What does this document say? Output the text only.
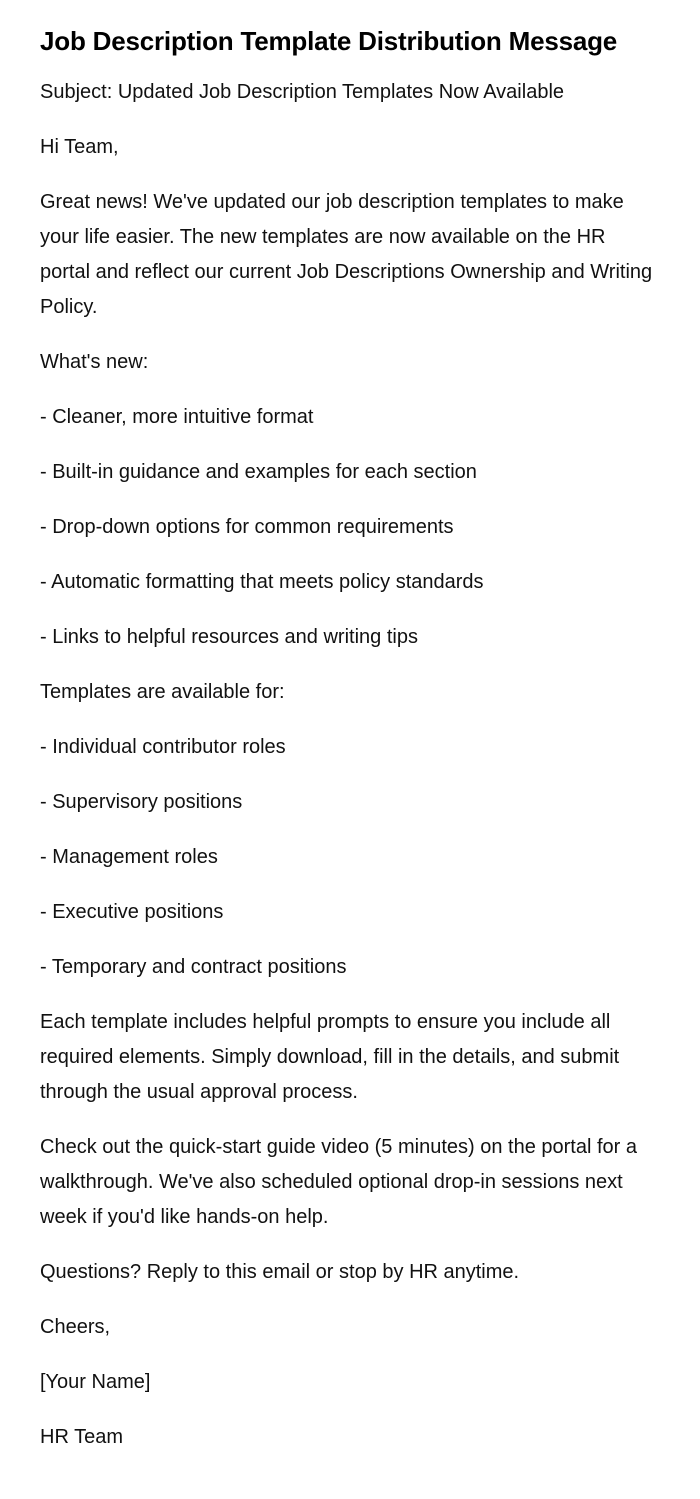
Job Description Template Distribution Message

Subject: Updated Job Description Templates Now Available

Hi Team,

Great news! We've updated our job description templates to make your life easier. The new templates are now available on the HR portal and reflect our current Job Descriptions Ownership and Writing Policy.

What's new:

- Cleaner, more intuitive format

- Built-in guidance and examples for each section

- Drop-down options for common requirements

- Automatic formatting that meets policy standards

- Links to helpful resources and writing tips

Templates are available for:

- Individual contributor roles

- Supervisory positions

- Management roles

- Executive positions

- Temporary and contract positions

Each template includes helpful prompts to ensure you include all required elements. Simply download, fill in the details, and submit through the usual approval process.

Check out the quick-start guide video (5 minutes) on the portal for a walkthrough. We've also scheduled optional drop-in sessions next week if you'd like hands-on help.

Questions? Reply to this email or stop by HR anytime.

Cheers,

[Your Name]

HR Team
